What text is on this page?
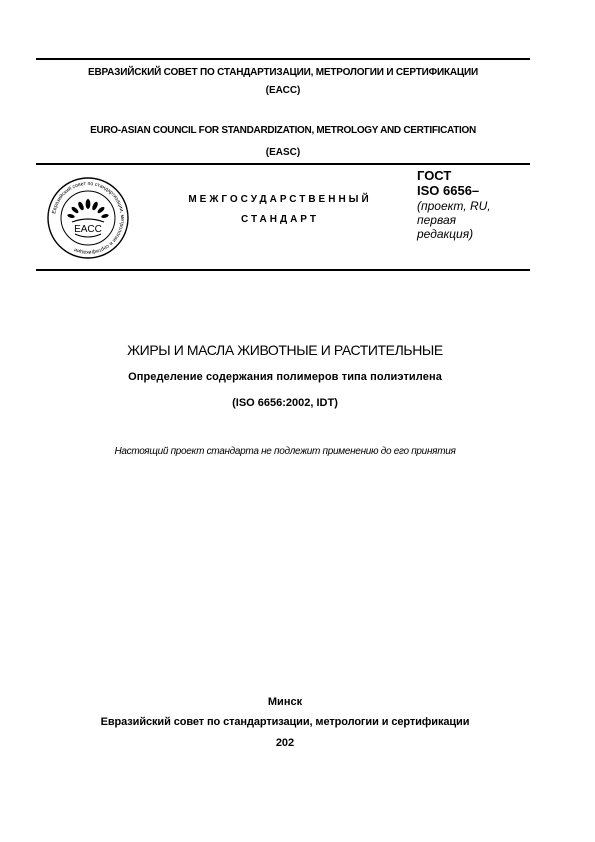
ЕВРАЗИЙСКИЙ СОВЕТ ПО СТАНДАРТИЗАЦИИ, МЕТРОЛОГИИ И СЕРТИФИКАЦИИ
(ЕАСС)
EURO-ASIAN COUNCIL FOR STANDARDIZATION, METROLOGY AND CERTIFICATION
(EASC)
Евразийский совет по стандартизации, метрологии и сертификации
EACC
МЕЖГОСУДАРСТВЕННЫЙ
СТАНДАРТ
ГОСТ
ISO 6656–
(проект, RU,
первая
редакция)
ЖИРЫ И МАСЛА ЖИВОТНЫЕ И РАСТИТЕЛЬНЫЕ
Определение содержания полимеров типа полиэтилена
(ISO 6656:2002, IDT)
Настоящий проект стандарта не подлежит применению до его принятия
Минск
Евразийский совет по стандартизации, метрологии и сертификации
202
